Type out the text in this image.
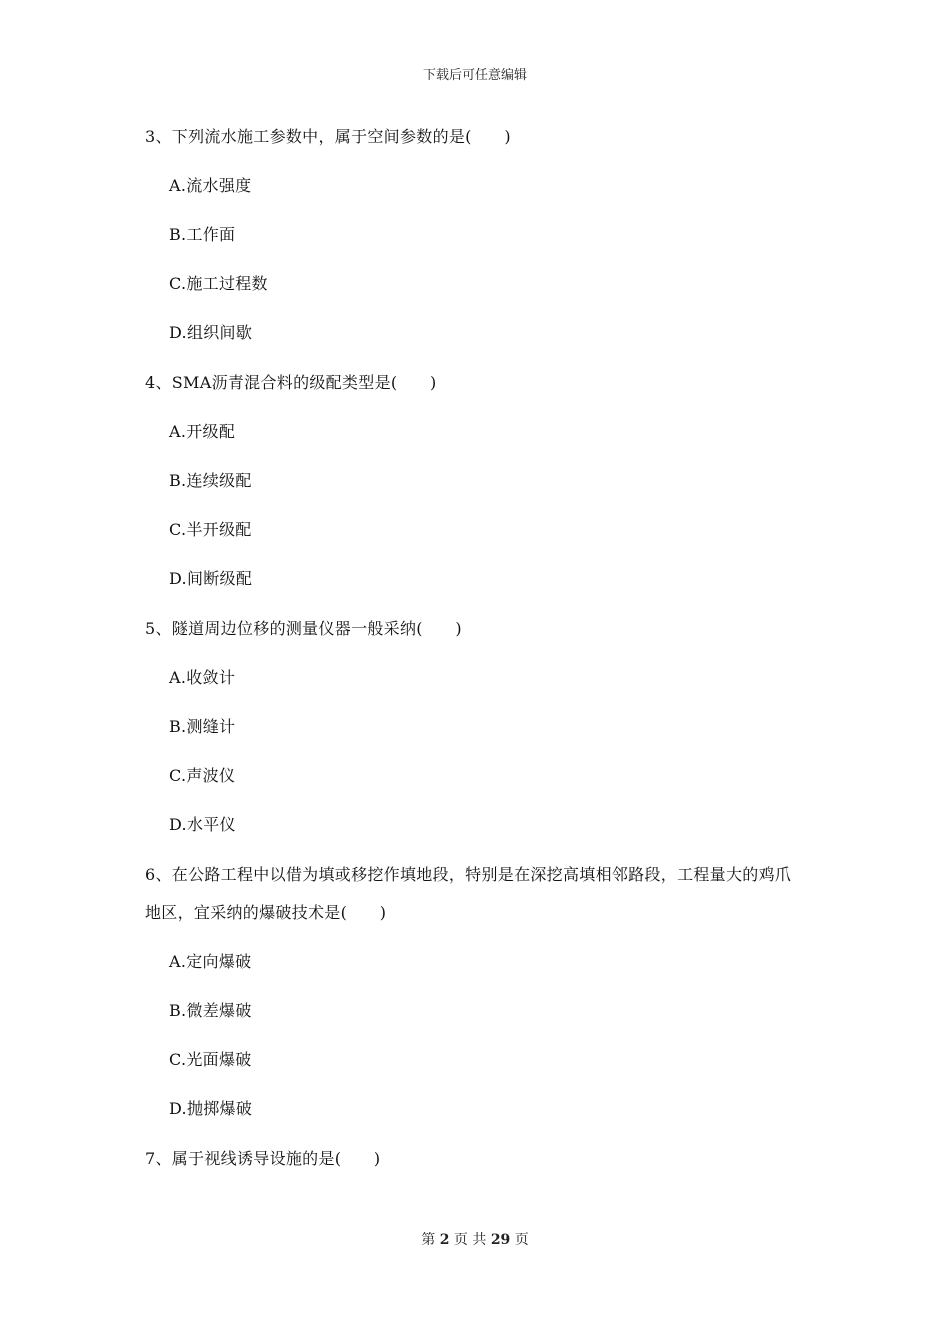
下载后可任意编辑
3、下列流水施工参数中，属于空间参数的是(　　)
A.流水强度
B.工作面
C.施工过程数
D.组织间歇
4、SMA沥青混合料的级配类型是(　　)
A.开级配
B.连续级配
C.半开级配
D.间断级配
5、隧道周边位移的测量仪器一般采纳(　　)
A.收敛计
B.测缝计
C.声波仪
D.水平仪
6、在公路工程中以借为填或移挖作填地段，特别是在深挖高填相邻路段，工程量大的鸡爪
地区，宜采纳的爆破技术是(　　)
A.定向爆破
B.微差爆破
C.光面爆破
D.抛掷爆破
7、属于视线诱导设施的是(　　)
第 2 页 共 29 页
